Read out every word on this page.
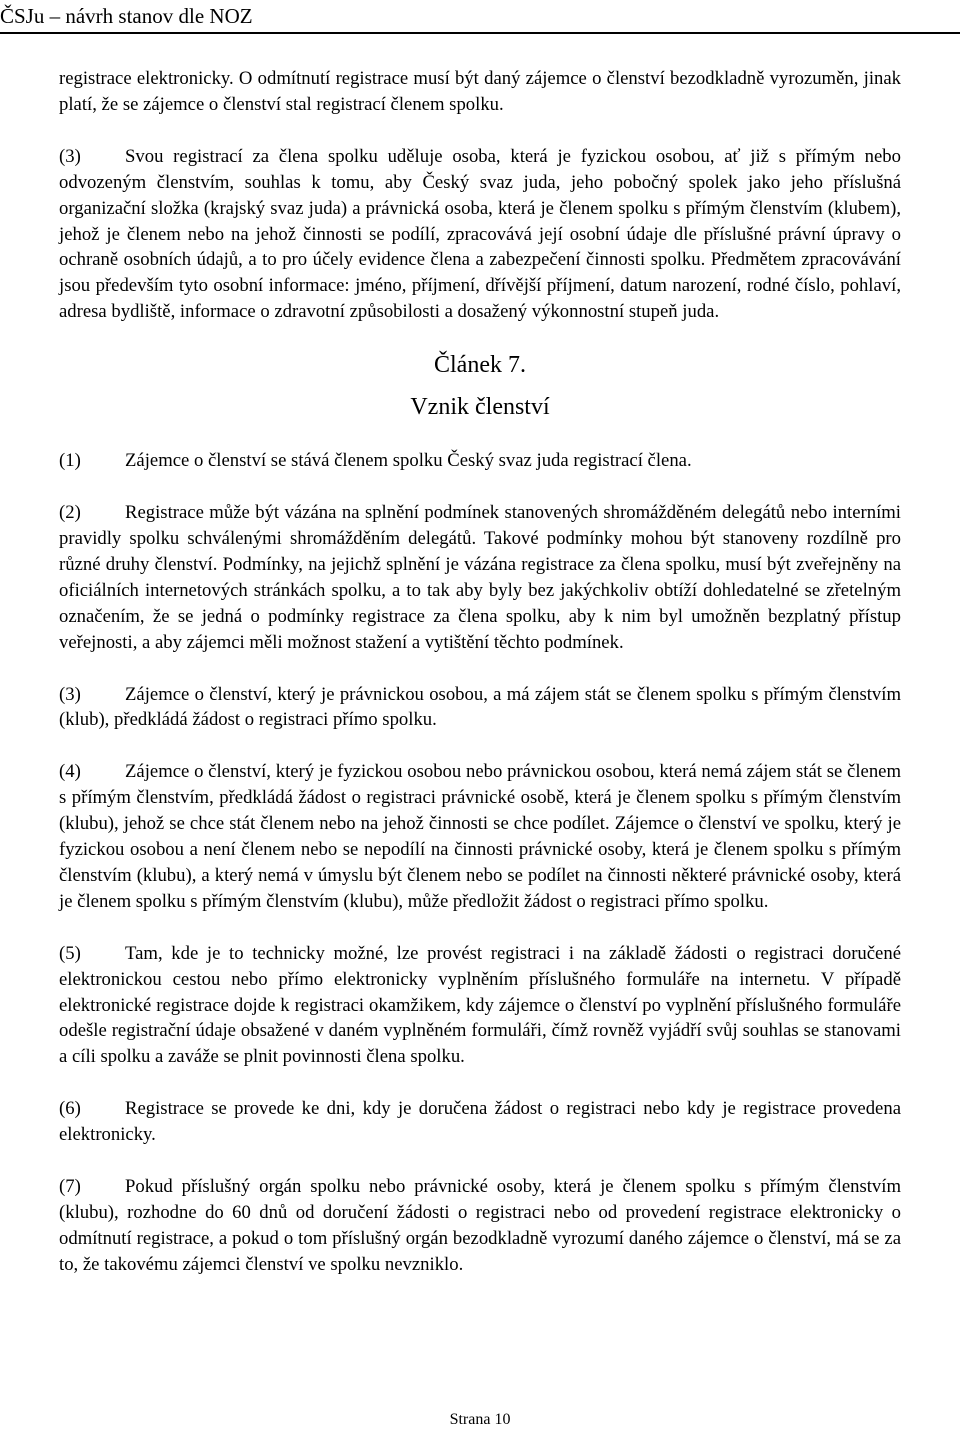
ČSJu – návrh stanov dle NOZ

registrace elektronicky. O odmítnutí registrace musí být daný zájemce o členství bezodkladně vyrozuměn, jinak platí, že se zájemce o členství stal registrací členem spolku.

(3) Svou registrací za člena spolku uděluje osoba, která je fyzickou osobou, ať již s přímým nebo odvozeným členstvím, souhlas k tomu, aby Český svaz juda, jeho pobočný spolek jako jeho příslušná organizační složka (krajský svaz juda) a právnická osoba, která je členem spolku s přímým členstvím (klubem), jehož je členem nebo na jehož činnosti se podílí, zpracovává její osobní údaje dle příslušné právní úpravy o ochraně osobních údajů, a to pro účely evidence člena a zabezpečení činnosti spolku. Předmětem zpracovávání jsou především tyto osobní informace: jméno, příjmení, dřívější příjmení, datum narození, rodné číslo, pohlaví, adresa bydliště, informace o zdravotní způsobilosti a dosažený výkonnostní stupeň juda.

Článek 7.
Vznik členství

(1) Zájemce o členství se stává členem spolku Český svaz juda registrací člena.

(2) Registrace může být vázána na splnění podmínek stanovených shromážděném delegátů nebo interními pravidly spolku schválenými shromážděním delegátů. Takové podmínky mohou být stanoveny rozdílně pro různé druhy členství. Podmínky, na jejichž splnění je vázána registrace za člena spolku, musí být zveřejněny na oficiálních internetových stránkách spolku, a to tak aby byly bez jakýchkoliv obtíží dohledatelné se zřetelným označením, že se jedná o podmínky registrace za člena spolku, aby k nim byl umožněn bezplatný přístup veřejnosti, a aby zájemci měli možnost stažení a vytištění těchto podmínek.

(3) Zájemce o členství, který je právnickou osobou, a má zájem stát se členem spolku s přímým členstvím (klub), předkládá žádost o registraci přímo spolku.

(4) Zájemce o členství, který je fyzickou osobou nebo právnickou osobou, která nemá zájem stát se členem s přímým členstvím, předkládá žádost o registraci právnické osobě, která je členem spolku s přímým členstvím (klubu), jehož se chce stát členem nebo na jehož činnosti se chce podílet. Zájemce o členství ve spolku, který je fyzickou osobou a není členem nebo se nepodílí na činnosti právnické osoby, která je členem spolku s přímým členstvím (klubu), a který nemá v úmyslu být členem nebo se podílet na činnosti některé právnické osoby, která je členem spolku s přímým členstvím (klubu), může předložit žádost o registraci přímo spolku.

(5) Tam, kde je to technicky možné, lze provést registraci i na základě žádosti o registraci doručené elektronickou cestou nebo přímo elektronicky vyplněním příslušného formuláře na internetu. V případě elektronické registrace dojde k registraci okamžikem, kdy zájemce o členství po vyplnění příslušného formuláře odešle registrační údaje obsažené v daném vyplněném formuláři, čímž rovněž vyjádří svůj souhlas se stanovami a cíli spolku a zaváže se plnit povinnosti člena spolku.

(6) Registrace se provede ke dni, kdy je doručena žádost o registraci nebo kdy je registrace provedena elektronicky.

(7) Pokud příslušný orgán spolku nebo právnické osoby, která je členem spolku s přímým členstvím (klubu), rozhodne do 60 dnů od doručení žádosti o registraci nebo od provedení registrace elektronicky o odmítnutí registrace, a pokud o tom příslušný orgán bezodkladně vyrozumí daného zájemce o členství, má se za to, že takovému zájemci členství ve spolku nevzniklo.

Strana 10
